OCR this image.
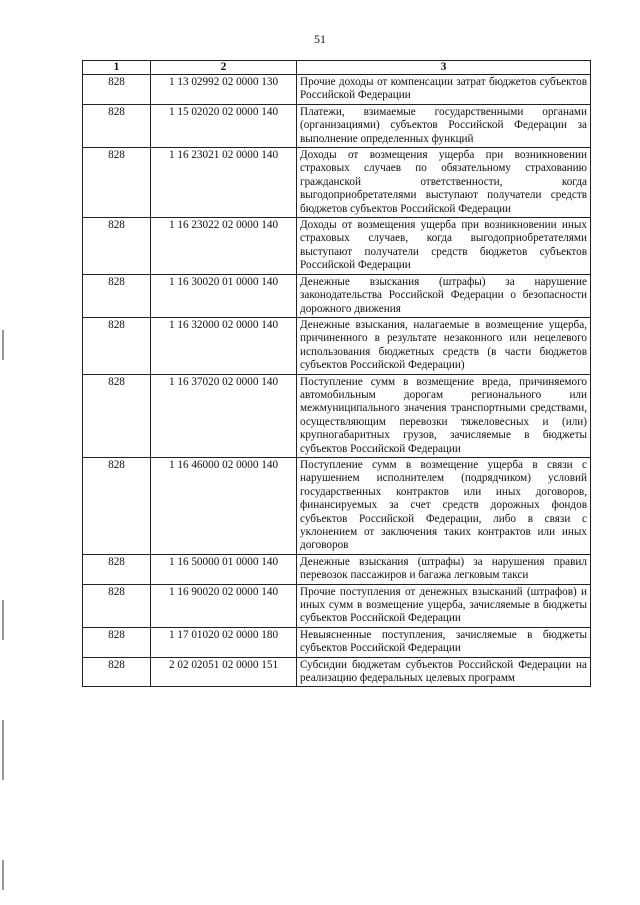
51
1	2	3
828	1 13 02992 02 0000 130	Прочие доходы от компенсации затрат бюджетов субъектов Российской Федерации
828	1 15 02020 02 0000 140	Платежи, взимаемые государственными органами (организациями) субъектов Российской Федерации за выполнение определенных функций
828	1 16 23021 02 0000 140	Доходы от возмещения ущерба при возникновении страховых случаев по обязательному страхованию гражданской ответственности, когда выгодоприобретателями выступают получатели средств бюджетов субъектов Российской Федерации
828	1 16 23022 02 0000 140	Доходы от возмещения ущерба при возникновении иных страховых случаев, когда выгодоприобретателями выступают получатели средств бюджетов субъектов Российской Федерации
828	1 16 30020 01 0000 140	Денежные взыскания (штрафы) за нарушение законодательства Российской Федерации о безопасности дорожного движения
828	1 16 32000 02 0000 140	Денежные взыскания, налагаемые в возмещение ущерба, причиненного в результате незаконного или нецелевого использования бюджетных средств (в части бюджетов субъектов Российской Федерации)
828	1 16 37020 02 0000 140	Поступление сумм в возмещение вреда, причиняемого автомобильным дорогам регионального или межмуниципального значения транспортными средствами, осуществляющим перевозки тяжеловесных и (или) крупногабаритных грузов, зачисляемые в бюджеты субъектов Российской Федерации
828	1 16 46000 02 0000 140	Поступление сумм в возмещение ущерба в связи с нарушением исполнителем (подрядчиком) условий государственных контрактов или иных договоров, финансируемых за счет средств дорожных фондов субъектов Российской Федерации, либо в связи с уклонением от заключения таких контрактов или иных договоров
828	1 16 50000 01 0000 140	Денежные взыскания (штрафы) за нарушения правил перевозок пассажиров и багажа легковым такси
828	1 16 90020 02 0000 140	Прочие поступления от денежных взысканий (штрафов) и иных сумм в возмещение ущерба, зачисляемые в бюджеты субъектов Российской Федерации
828	1 17 01020 02 0000 180	Невыясненные поступления, зачисляемые в бюджеты субъектов Российской Федерации
828	2 02 02051 02 0000 151	Субсидии бюджетам субъектов Российской Федерации на реализацию федеральных целевых программ
